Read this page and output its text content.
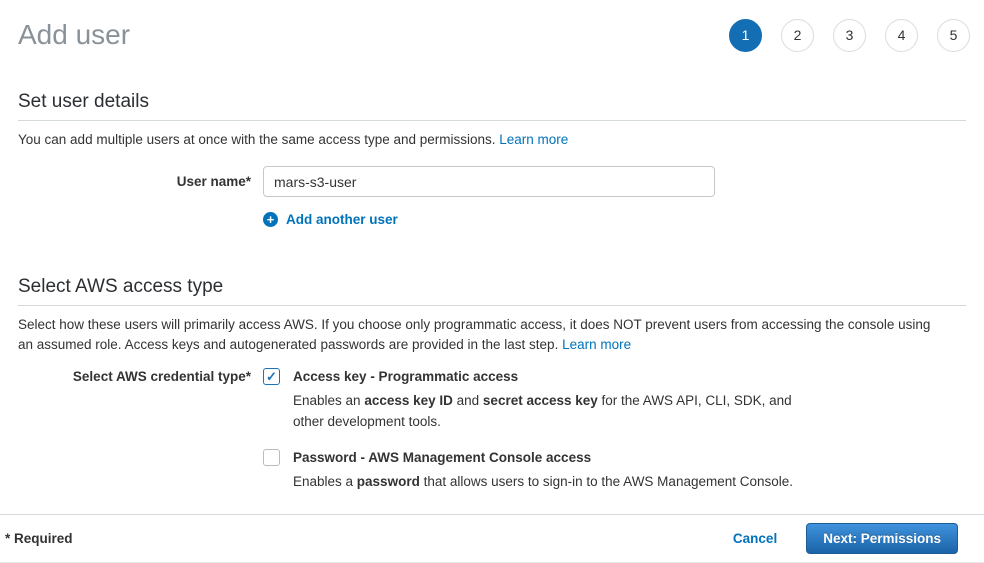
Add user	1	2	3	4	5
Set user details

You can add multiple users at once with the same access type and permissions. Learn more

User name*
mars-s3-user
+ Add another user
Select AWS access type

Select how these users will primarily access AWS. If you choose only programmatic access, it does NOT prevent users from accessing the console using
an assumed role. Access keys and autogenerated passwords are provided in the last step. Learn more

Select AWS credential type* ✓ Access key - Programmatic access
Enables an access key ID and secret access key for the AWS API, CLI, SDK, and
other development tools.
Password - AWS Management Console access
Enables a password that allows users to sign-in to the AWS Management Console.
* Required	Cancel	Next: Permissions
